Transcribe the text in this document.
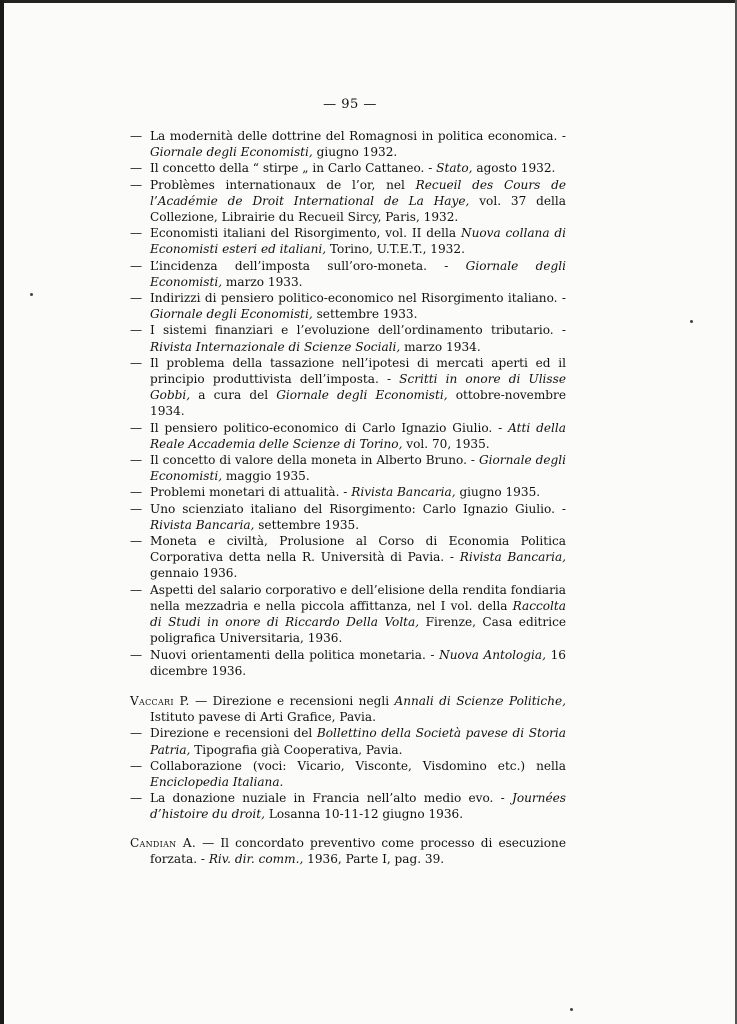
— 95 —
— La modernità delle dottrine del Romagnosi in politica economica. - Giornale degli Economisti, giugno 1932.
— Il concetto della “ stirpe „ in Carlo Cattaneo. - Stato, agosto 1932.
— Problèmes internationaux de l’or, nel Recueil des Cours de l’Académie de Droit International de La Haye, vol. 37 della Collezione, Librairie du Recueil Sircy, Paris, 1932.
— Economisti italiani del Risorgimento, vol. II della Nuova collana di Economisti esteri ed italiani, Torino, U.T.E.T., 1932.
— L’incidenza dell’imposta sull’oro-moneta. - Giornale degli Economisti, marzo 1933.
— Indirizzi di pensiero politico-economico nel Risorgimento italiano. - Giornale degli Economisti, settembre 1933.
— I sistemi finanziari e l’evoluzione dell’ordinamento tributario. - Rivista Internazionale di Scienze Sociali, marzo 1934.
— Il problema della tassazione nell’ipotesi di mercati aperti ed il principio produttivista dell’imposta. - Scritti in onore di Ulisse Gobbi, a cura del Giornale degli Economisti, ottobre-novembre 1934.
— Il pensiero politico-economico di Carlo Ignazio Giulio. - Atti della Reale Accademia delle Scienze di Torino, vol. 70, 1935.
— Il concetto di valore della moneta in Alberto Bruno. - Giornale degli Economisti, maggio 1935.
— Problemi monetari di attualità. - Rivista Bancaria, giugno 1935.
— Uno scienziato italiano del Risorgimento: Carlo Ignazio Giulio. - Rivista Bancaria, settembre 1935.
— Moneta e civiltà, Prolusione al Corso di Economia Politica Corporativa detta nella R. Università di Pavia. - Rivista Bancaria, gennaio 1936.
— Aspetti del salario corporativo e dell’elisione della rendita fondiaria nella mezzadria e nella piccola affittanza, nel I vol. della Raccolta di Studi in onore di Riccardo Della Volta, Firenze, Casa editrice poligrafica Universitaria, 1936.
— Nuovi orientamenti della politica monetaria. - Nuova Antologia, 16 dicembre 1936.
Vaccari P. — Direzione e recensioni negli Annali di Scienze Politiche, Istituto pavese di Arti Grafice, Pavia.
— Direzione e recensioni del Bollettino della Società pavese di Storia Patria, Tipografia già Cooperativa, Pavia.
— Collaborazione (voci: Vicario, Visconte, Visdomino etc.) nella Enciclopedia Italiana.
— La donazione nuziale in Francia nell’alto medio evo. - Journées d’histoire du droit, Losanna 10-11-12 giugno 1936.
Candian A. — Il concordato preventivo come processo di esecuzione forzata. - Riv. dir. comm., 1936, Parte I, pag. 39.
